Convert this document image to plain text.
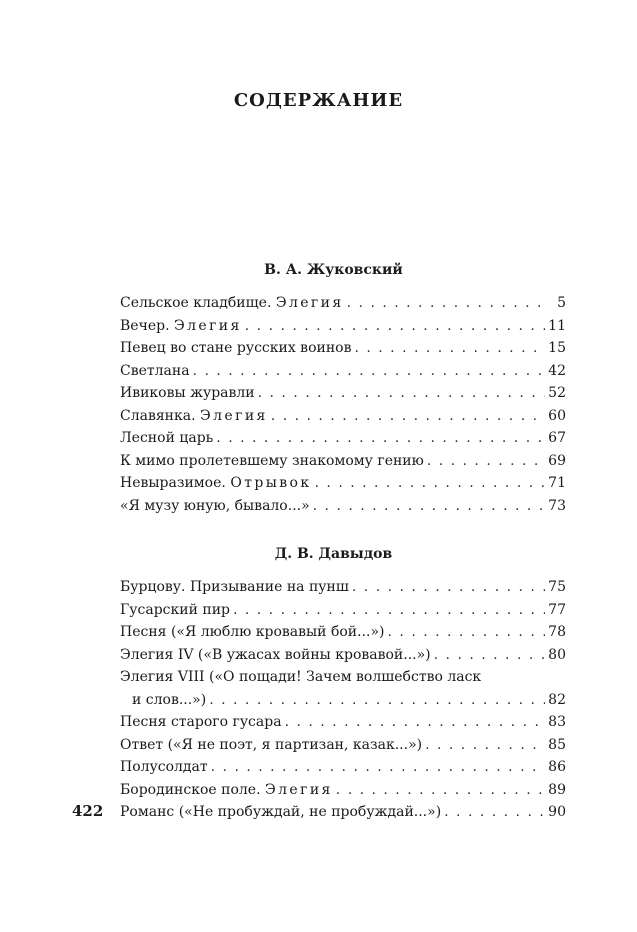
СОДЕРЖАНИЕ
В. А. Жуковский
Сельское кладбище. Элегия . . .	5
Вечер. Элегия . . .	11
Певец во стане русских воинов . . .	15
Светлана . . .	42
Ивиковы журавли . . .	52
Славянка. Элегия . . .	60
Лесной царь . . .	67
К мимо пролетевшему знакомому гению . . .	69
Невыразимое. Отрывок . . .	71
«Я музу юную, бывало...» . . .	73
Д. В. Давыдов
Бурцову. Призывание на пунш . . .	75
Гусарский пир . . .	77
Песня («Я люблю кровавый бой...») . . .	78
Элегия IV («В ужасах войны кровавой...») . . .	80
Элегия VIII («О пощади! Зачем волшебство ласк
и слов...») . . .	82
Песня старого гусара . . .	83
Ответ («Я не поэт, я партизан, казак...») . . .	85
Полусолдат . . .	86
Бородинское поле. Элегия . . .	89
Романс («Не пробуждай, не пробуждай...») . . .	90
422
